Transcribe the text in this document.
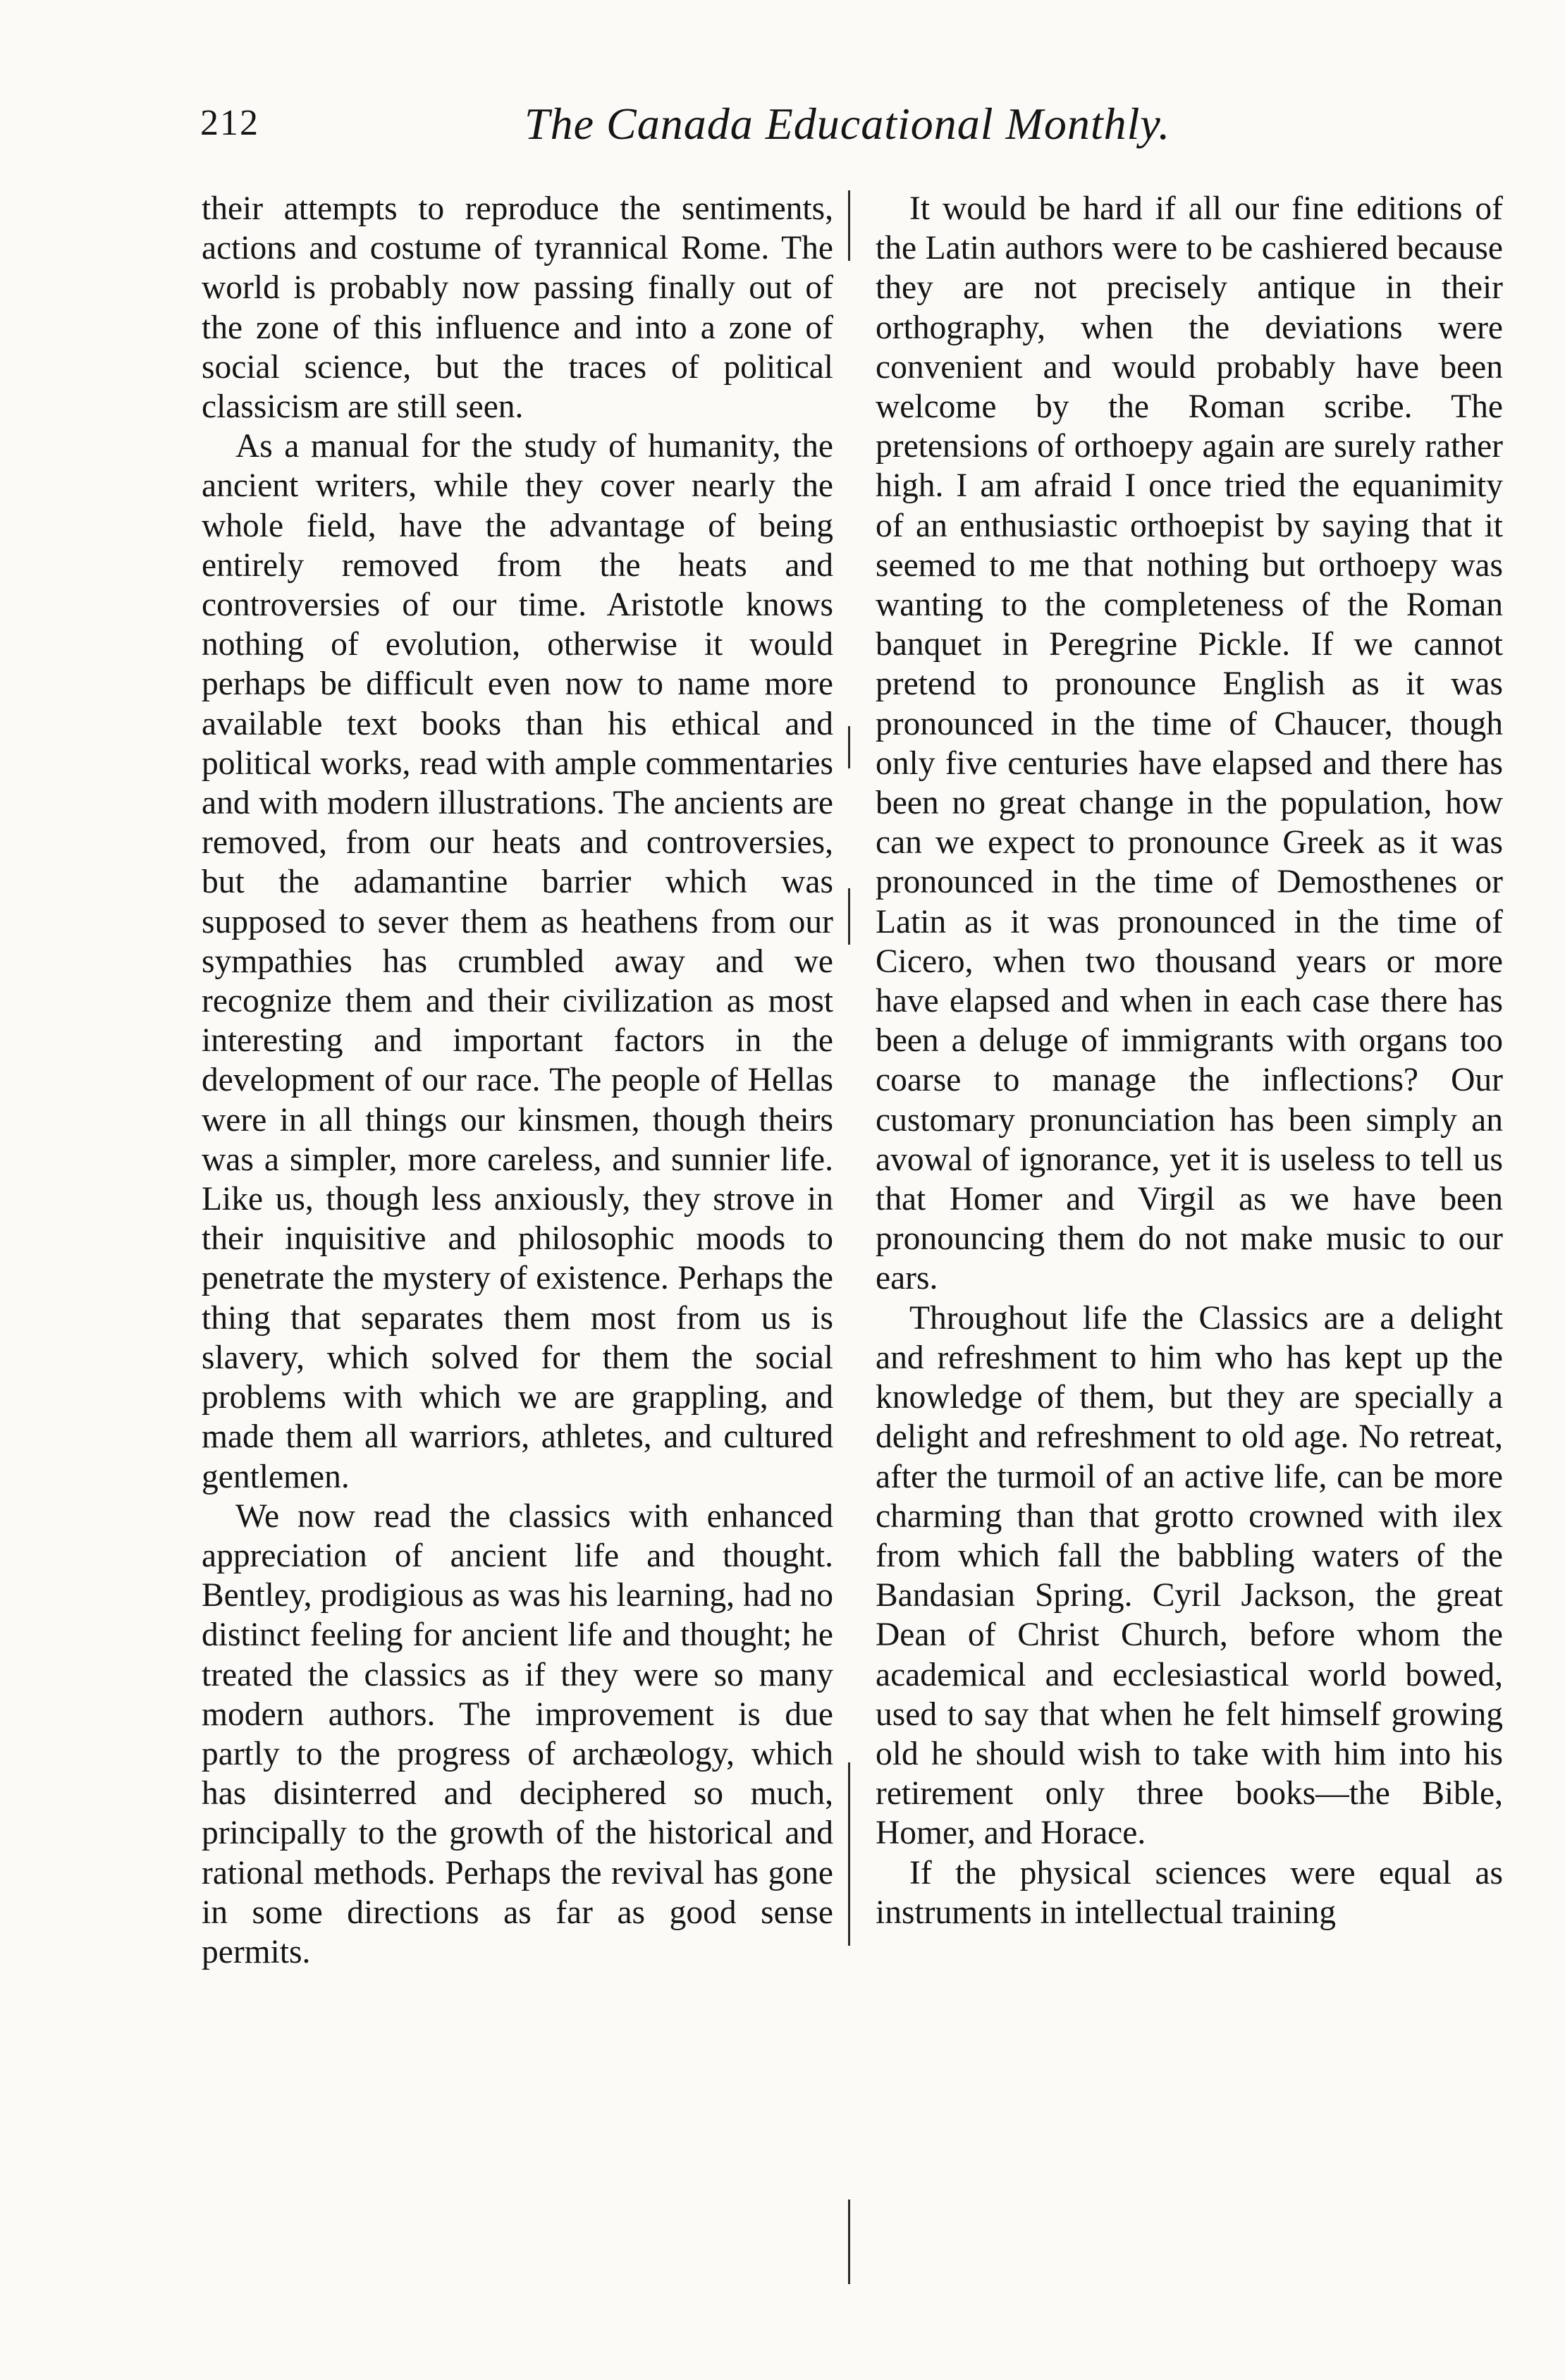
212	The Canada Educational Monthly.

their attempts to reproduce the sentiments, actions and costume of tyrannical Rome. The world is probably now passing finally out of the zone of this influence and into a zone of social science, but the traces of political classicism are still seen.

As a manual for the study of humanity, the ancient writers, while they cover nearly the whole field, have the advantage of being entirely removed from the heats and controversies of our time. Aristotle knows nothing of evolution, otherwise it would perhaps be difficult even now to name more available text books than his ethical and political works, read with ample commentaries and with modern illustrations. The ancients are removed, from our heats and controversies, but the adamantine barrier which was supposed to sever them as heathens from our sympathies has crumbled away and we recognize them and their civilization as most interesting and important factors in the development of our race. The people of Hellas were in all things our kinsmen, though theirs was a simpler, more careless, and sunnier life. Like us, though less anxiously, they strove in their inquisitive and philosophic moods to penetrate the mystery of existence. Perhaps the thing that separates them most from us is slavery, which solved for them the social problems with which we are grappling, and made them all warriors, athletes, and cultured gentlemen.

We now read the classics with enhanced appreciation of ancient life and thought. Bentley, prodigious as was his learning, had no distinct feeling for ancient life and thought; he treated the classics as if they were so many modern authors. The improvement is due partly to the progress of archæology, which has disinterred and deciphered so much, principally to the growth of the historical and rational methods. Perhaps the revival has gone in some directions as far as good sense permits.

It would be hard if all our fine editions of the Latin authors were to be cashiered because they are not precisely antique in their orthography, when the deviations were convenient and would probably have been welcome by the Roman scribe. The pretensions of orthoepy again are surely rather high. I am afraid I once tried the equanimity of an enthusiastic orthoepist by saying that it seemed to me that nothing but orthoepy was wanting to the completeness of the Roman banquet in Peregrine Pickle. If we cannot pretend to pronounce English as it was pronounced in the time of Chaucer, though only five centuries have elapsed and there has been no great change in the population, how can we expect to pronounce Greek as it was pronounced in the time of Demosthenes or Latin as it was pronounced in the time of Cicero, when two thousand years or more have elapsed and when in each case there has been a deluge of immigrants with organs too coarse to manage the inflections? Our customary pronunciation has been simply an avowal of ignorance, yet it is useless to tell us that Homer and Virgil as we have been pronouncing them do not make music to our ears.

Throughout life the Classics are a delight and refreshment to him who has kept up the knowledge of them, but they are specially a delight and refreshment to old age. No retreat, after the turmoil of an active life, can be more charming than that grotto crowned with ilex from which fall the babbling waters of the Bandasian Spring. Cyril Jackson, the great Dean of Christ Church, before whom the academical and ecclesiastical world bowed, used to say that when he felt himself growing old he should wish to take with him into his retirement only three books—the Bible, Homer, and Horace.

If the physical sciences were equal as instruments in intellectual training
